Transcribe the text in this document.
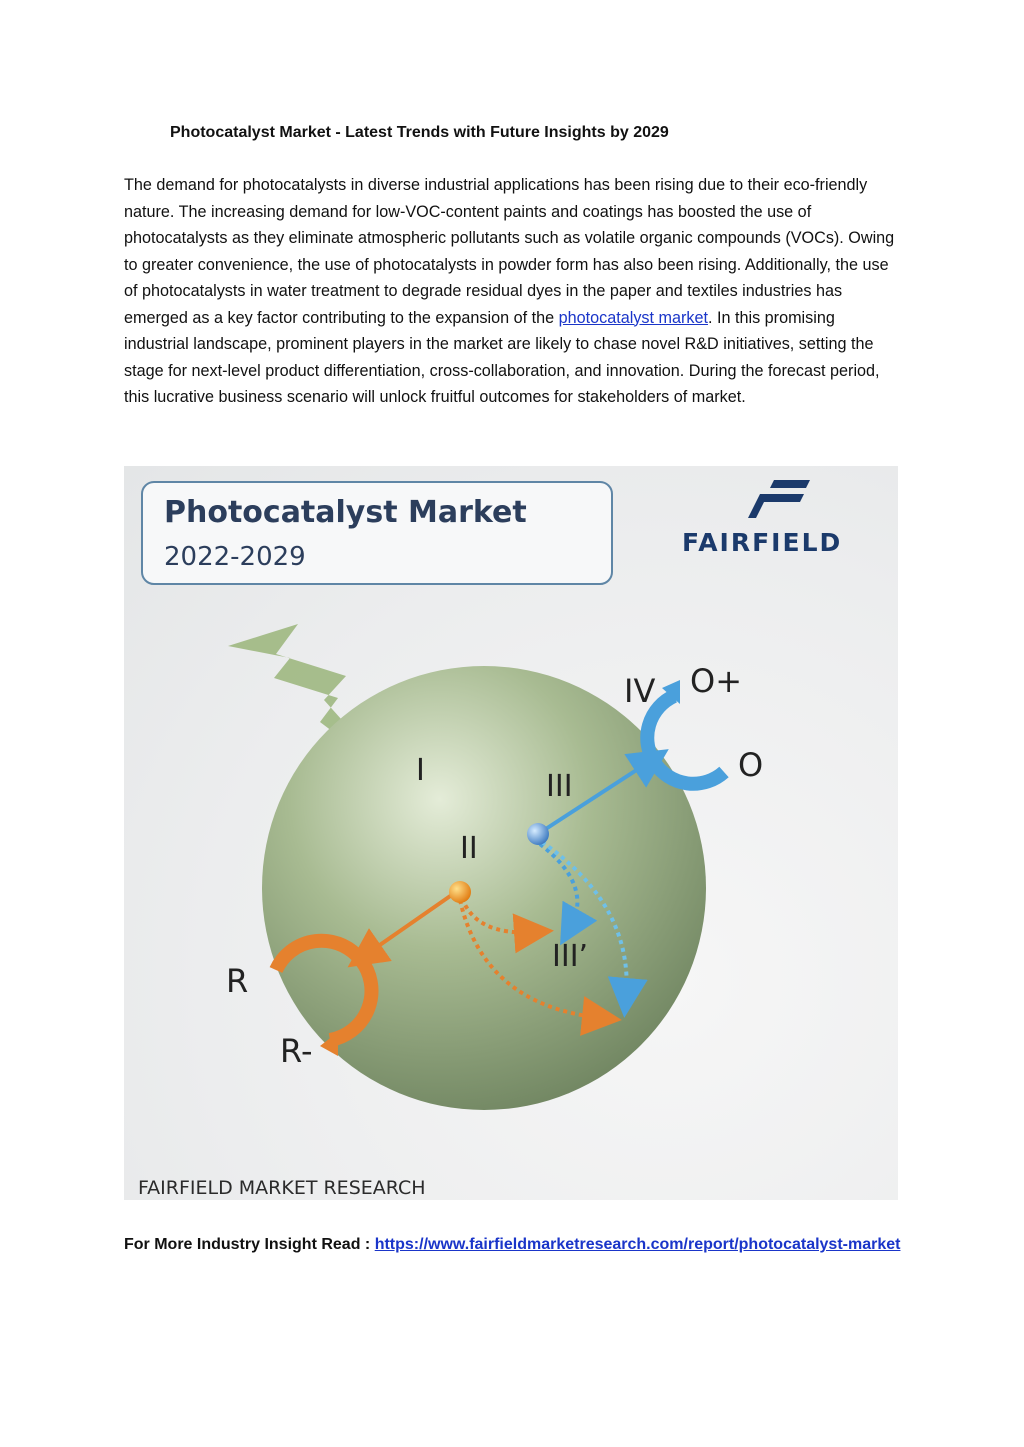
Photocatalyst Market - Latest Trends with Future Insights by 2029

The demand for photocatalysts in diverse industrial applications has been rising due to their eco-friendly nature. The increasing demand for low-VOC-content paints and coatings has boosted the use of photocatalysts as they eliminate atmospheric pollutants such as volatile organic compounds (VOCs). Owing to greater convenience, the use of photocatalysts in powder form has also been rising. Additionally, the use of photocatalysts in water treatment to degrade residual dyes in the paper and textiles industries has emerged as a key factor contributing to the expansion of the photocatalyst market. In this promising industrial landscape, prominent players in the market are likely to chase novel R&D initiatives, setting the stage for next-level product differentiation, cross-collaboration, and innovation. During the forecast period, this lucrative business scenario will unlock fruitful outcomes for stakeholders of market.

Photocatalyst Market
2022-2029	FAIRFIELD
I
II
III
III’
IV O+
O
R
R-
FAIRFIELD MARKET RESEARCH
For More Industry Insight Read : https://www.fairfieldmarketresearch.com/report/photocatalyst-market
